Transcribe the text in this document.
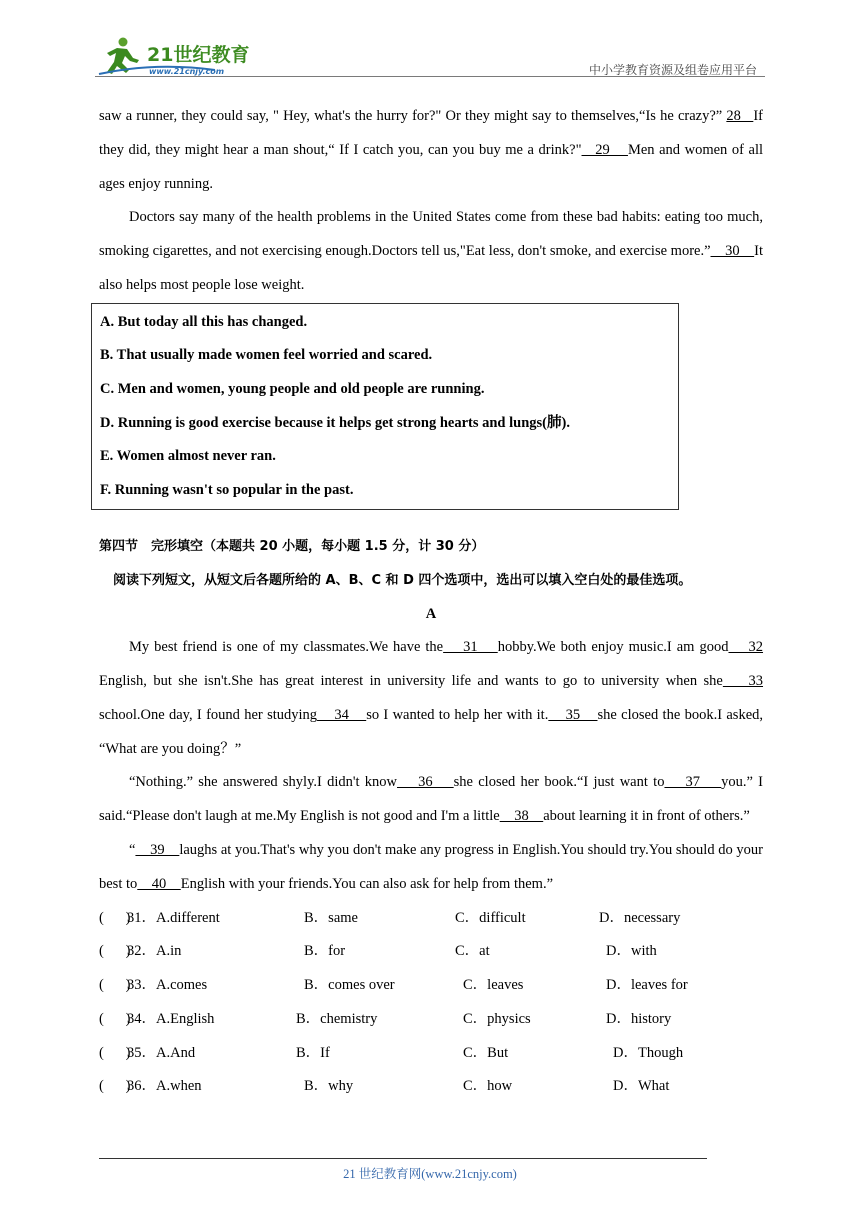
21世纪教育
www.21cnjy.com	中小学教育资源及组卷应用平台

saw a runner, they could say, " Hey, what's the hurry for?" Or they might say to themselves,“Is he crazy?” 28   If they did, they might hear a man shout,“ If I catch you, can you buy me a drink?"   29    Men and women of all ages enjoy running.

Doctors say many of the health problems in the United States come from these bad habits: eating too much, smoking cigarettes, and not exercising enough.Doctors tell us,"Eat less, don't smoke, and exercise more.”    30    It also helps most people lose weight.

A. But today all this has changed.
B. That usually made women feel worried and scared.
C. Men and women, young people and old people are running.
D. Running is good exercise because it helps get strong hearts and lungs(肺).
E. Women almost never ran.
F. Running wasn't so popular in the past.
第四节　完形填空（本题共 20 小题，每小题 1.5 分，计 30 分）
阅读下列短文，从短文后各题所给的 A、B、C 和 D 四个选项中，选出可以填入空白处的最佳选项。
A

My best friend is one of my classmates.We have the    31    hobby.We both enjoy music.I am good    32 English, but she isn't.She has great interest in university life and wants to go to university when she    33 school.One day, I found her studying    34    so I wanted to help her with it.    35    she closed the book.I asked, “What are you doing？”

“Nothing.” she answered shyly.I didn't know    36    she closed her book.“I just want to    37    you.” I said.“Please don't laugh at me.My English is not good and I'm a little    38    about learning it in front of others.”

“    39    laughs at you.That's why you don't make any progress in English.You should try.You should do your best to    40    English with your friends.You can also ask for help from them.”

(      )
31．A.different	B．same	C．difficult	D．necessary
(      )
32．A.in	B．for	C．at	D．with
(      )
33．A.comes	B．comes over	C．leaves	D．leaves for
(      )
34．A.English	B．chemistry	C．physics	D．history
(      )
35．A.And	B．If	C．But	D．Though
(      )
36．A.when	B．why	C．how	D．What
21 世纪教育网(www.21cnjy.com)
